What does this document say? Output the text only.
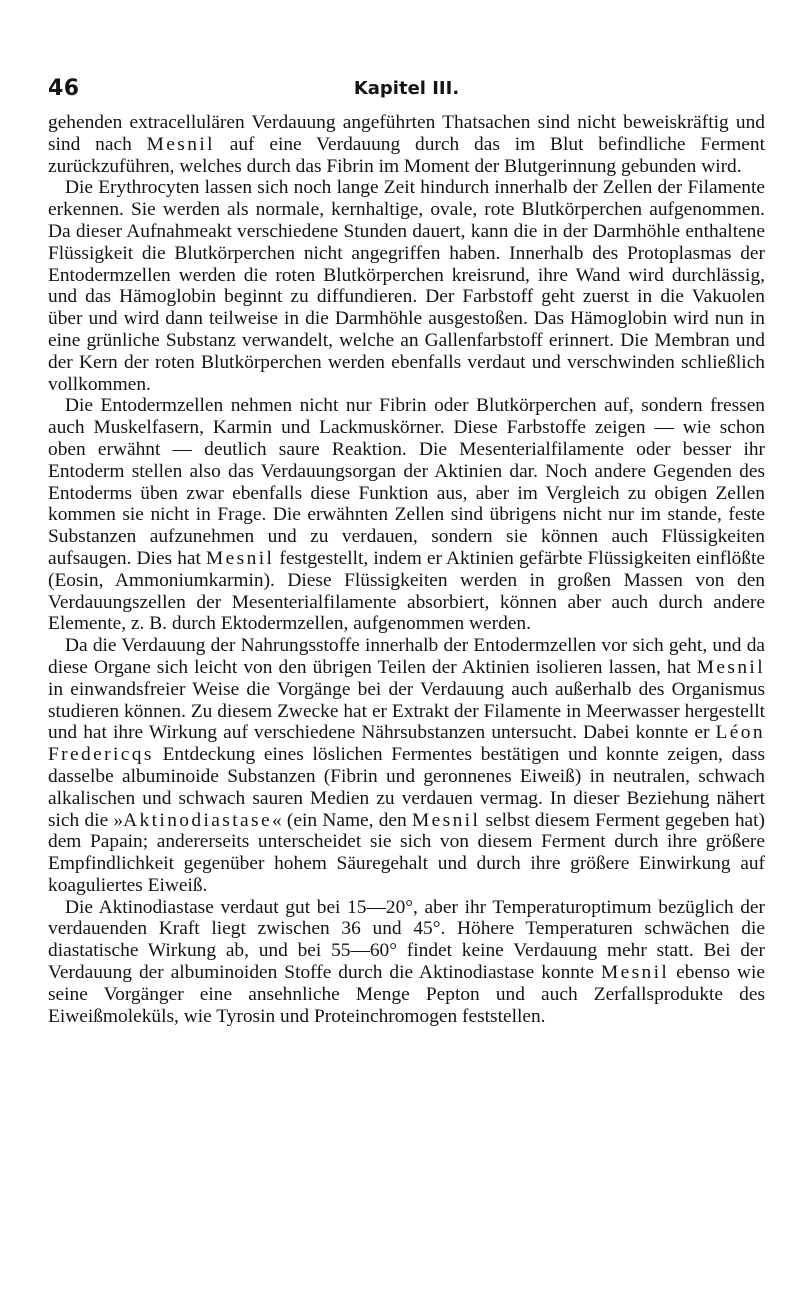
46	Kapitel III.

gehenden extracellulären Verdauung angeführten Thatsachen sind nicht beweiskräftig und sind nach Mesnil auf eine Verdauung durch das im Blut befindliche Ferment zurückzuführen, welches durch das Fibrin im Moment der Blutgerinnung gebunden wird.

Die Erythrocyten lassen sich noch lange Zeit hindurch innerhalb der Zellen der Filamente erkennen. Sie werden als normale, kernhaltige, ovale, rote Blutkörperchen aufgenommen. Da dieser Aufnahmeakt verschiedene Stunden dauert, kann die in der Darmhöhle enthaltene Flüssigkeit die Blutkörperchen nicht angegriffen haben. Innerhalb des Protoplasmas der Entodermzellen werden die roten Blutkörperchen kreisrund, ihre Wand wird durchlässig, und das Hämoglobin beginnt zu diffundieren. Der Farbstoff geht zuerst in die Vakuolen über und wird dann teilweise in die Darmhöhle ausgestoßen. Das Hämoglobin wird nun in eine grünliche Substanz verwandelt, welche an Gallenfarbstoff erinnert. Die Membran und der Kern der roten Blutkörperchen werden ebenfalls verdaut und verschwinden schließlich vollkommen.

Die Entodermzellen nehmen nicht nur Fibrin oder Blutkörperchen auf, sondern fressen auch Muskelfasern, Karmin und Lackmuskörner. Diese Farbstoffe zeigen — wie schon oben erwähnt — deutlich saure Reaktion. Die Mesenterialfilamente oder besser ihr Entoderm stellen also das Verdauungsorgan der Aktinien dar. Noch andere Gegenden des Entoderms üben zwar ebenfalls diese Funktion aus, aber im Vergleich zu obigen Zellen kommen sie nicht in Frage. Die erwähnten Zellen sind übrigens nicht nur im stande, feste Substanzen aufzunehmen und zu verdauen, sondern sie können auch Flüssigkeiten aufsaugen. Dies hat Mesnil festgestellt, indem er Aktinien gefärbte Flüssigkeiten einflößte (Eosin, Ammoniumkarmin). Diese Flüssigkeiten werden in großen Massen von den Verdauungszellen der Mesenterialfilamente absorbiert, können aber auch durch andere Elemente, z. B. durch Ektodermzellen, aufgenommen werden.

Da die Verdauung der Nahrungsstoffe innerhalb der Entodermzellen vor sich geht, und da diese Organe sich leicht von den übrigen Teilen der Aktinien isolieren lassen, hat Mesnil in einwandsfreier Weise die Vorgänge bei der Verdauung auch außerhalb des Organismus studieren können. Zu diesem Zwecke hat er Extrakt der Filamente in Meerwasser hergestellt und hat ihre Wirkung auf verschiedene Nährsubstanzen untersucht. Dabei konnte er Léon Fredericqs Entdeckung eines löslichen Fermentes bestätigen und konnte zeigen, dass dasselbe albuminoide Substanzen (Fibrin und geronnenes Eiweiß) in neutralen, schwach alkalischen und schwach sauren Medien zu verdauen vermag. In dieser Beziehung nähert sich die »Aktinodiastase« (ein Name, den Mesnil selbst diesem Ferment gegeben hat) dem Papain; andererseits unterscheidet sie sich von diesem Ferment durch ihre größere Empfindlichkeit gegenüber hohem Säuregehalt und durch ihre größere Einwirkung auf koaguliertes Eiweiß.

Die Aktinodiastase verdaut gut bei 15—20°, aber ihr Temperaturoptimum bezüglich der verdauenden Kraft liegt zwischen 36 und 45°. Höhere Temperaturen schwächen die diastatische Wirkung ab, und bei 55—60° findet keine Verdauung mehr statt. Bei der Verdauung der albuminoiden Stoffe durch die Aktinodiastase konnte Mesnil ebenso wie seine Vorgänger eine ansehnliche Menge Pepton und auch Zerfallsprodukte des Eiweißmoleküls, wie Tyrosin und Proteinchromogen feststellen.
